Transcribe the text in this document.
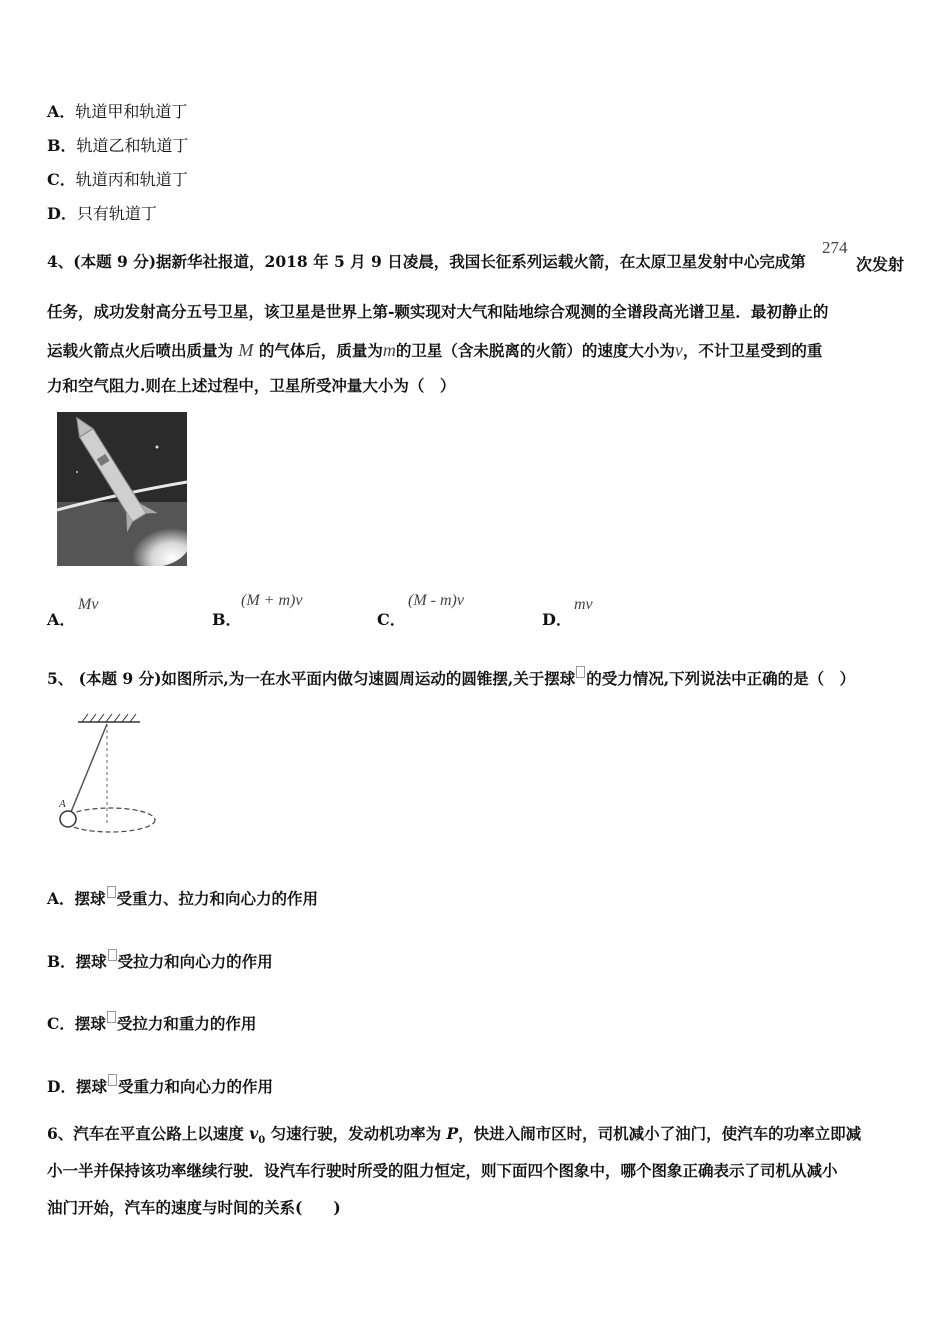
A．轨道甲和轨道丁
B．轨道乙和轨道丁
C．轨道丙和轨道丁
D．只有轨道丁
4、(本题 9 分)据新华社报道，2018 年 5 月 9 日凌晨，我国长征系列运载火箭，在太原卫星发射中心完成第
274
次发射
任务，成功发射高分五号卫星，该卫星是世界上第-颗实现对大气和陆地综合观测的全谱段高光谱卫星．最初静止的
运载火箭点火后喷出质量为 M 的气体后，质量为m的卫星（含未脱离的火箭）的速度大小为v，不计卫星受到的重
力和空气阻力.则在上述过程中，卫星所受冲量大小为（　）
A．
Mv
B．
(M + m)v
C．
(M - m)v
D．
mv
5、 (本题 9 分)如图所示,为一在水平面内做匀速圆周运动的圆锥摆,关于摆球 的受力情况,下列说法中正确的是（　）
A
A．摆球 受重力、拉力和向心力的作用
B．摆球 受拉力和向心力的作用
C．摆球 受拉力和重力的作用
D．摆球 受重力和向心力的作用
6、汽车在平直公路上以速度 $v_0$ 匀速行驶，发动机功率为 P，快进入闹市区时，司机减小了油门，使汽车的功率立即减
小一半并保持该功率继续行驶．设汽车行驶时所受的阻力恒定，则下面四个图象中，哪个图象正确表示了司机从减小
油门开始，汽车的速度与时间的关系(　　)
